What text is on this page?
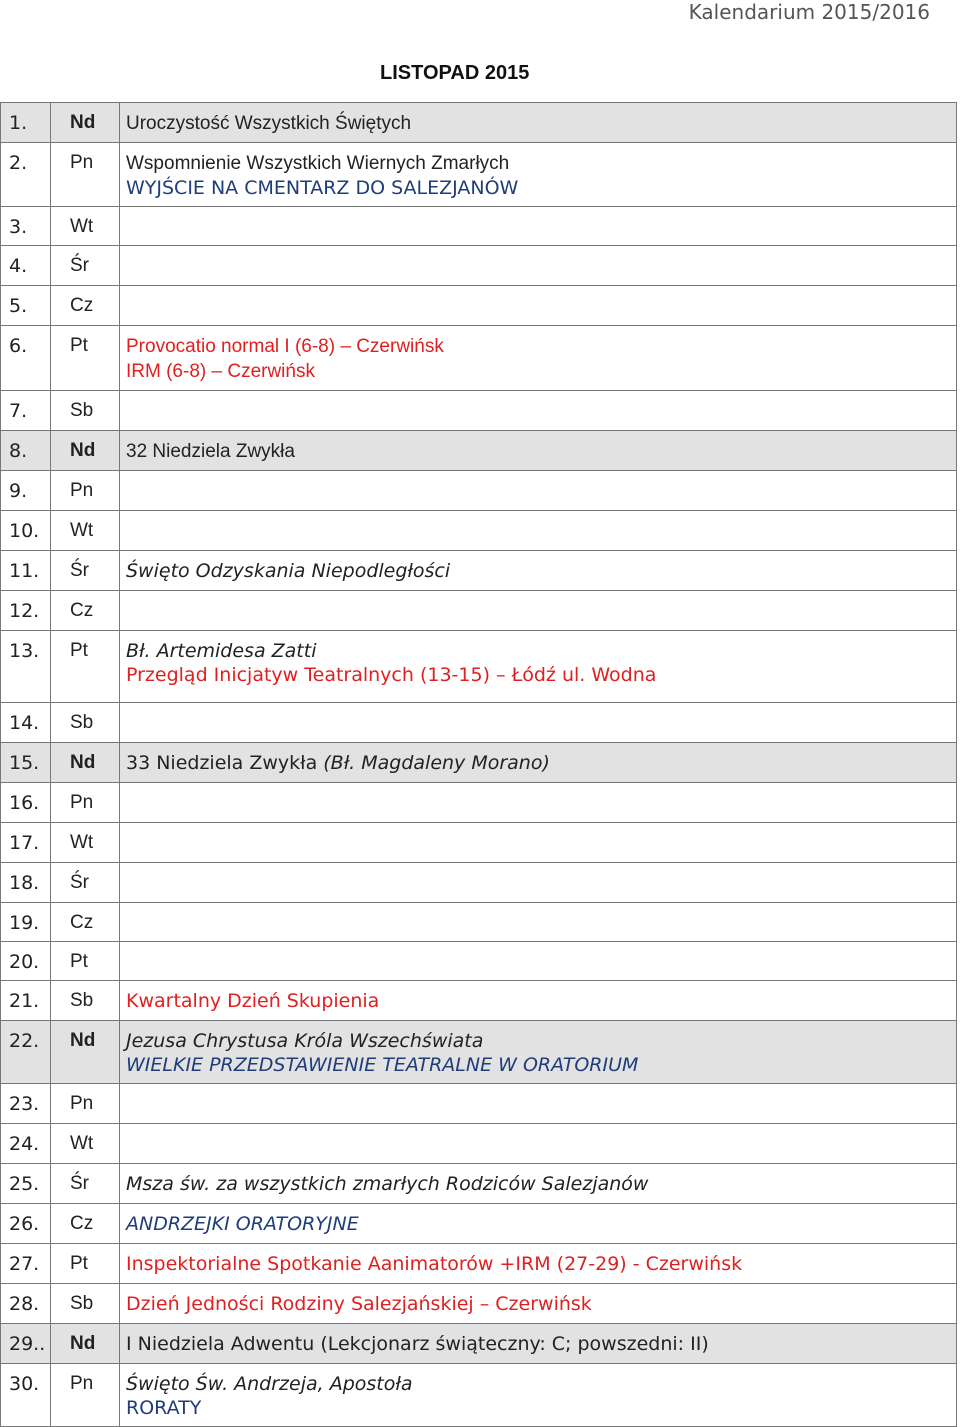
Kalendarium 2015/2016
LISTOPAD 2015
1.	Nd	Uroczystość Wszystkich Świętych

2.	Pn	Wspomnienie Wszystkich Wiernych Zmarłych
WYJŚCIE NA CMENTARZ DO SALEZJANÓW

3.	Wt	

4.	Śr	

5.	Cz	

6.	Pt	Provocatio normal I (6-8) – Czerwińsk
IRM (6-8) – Czerwińsk

7.	Sb	

8.	Nd	32 Niedziela Zwykła

9.	Pn	

10.	Wt	

11.	Śr	Święto Odzyskania Niepodległości

12.	Cz	

13.	Pt	Bł. Artemidesa Zatti
Przegląd Inicjatyw Teatralnych (13-15) – Łódź ul. Wodna

14.	Sb	

15.	Nd	33 Niedziela Zwykła (Bł. Magdaleny Morano)

16.	Pn	

17.	Wt	

18.	Śr	

19.	Cz	

20.	Pt	

21.	Sb	Kwartalny Dzień Skupienia

22.	Nd	Jezusa Chrystusa Króla Wszechświata
WIELKIE PRZEDSTAWIENIE TEATRALNE W ORATORIUM

23.	Pn	

24.	Wt	

25.	Śr	Msza św. za wszystkich zmarłych Rodziców Salezjanów

26.	Cz	ANDRZEJKI ORATORYJNE

27.	Pt	Inspektorialne Spotkanie Aanimatorów +IRM (27-29) - Czerwińsk

28.	Sb	Dzień Jedności Rodziny Salezjańskiej – Czerwińsk

29..	Nd	I Niedziela Adwentu (Lekcjonarz świąteczny: C; powszedni: II)

30.	Pn	Święto Św. Andrzeja, Apostoła
RORATY
